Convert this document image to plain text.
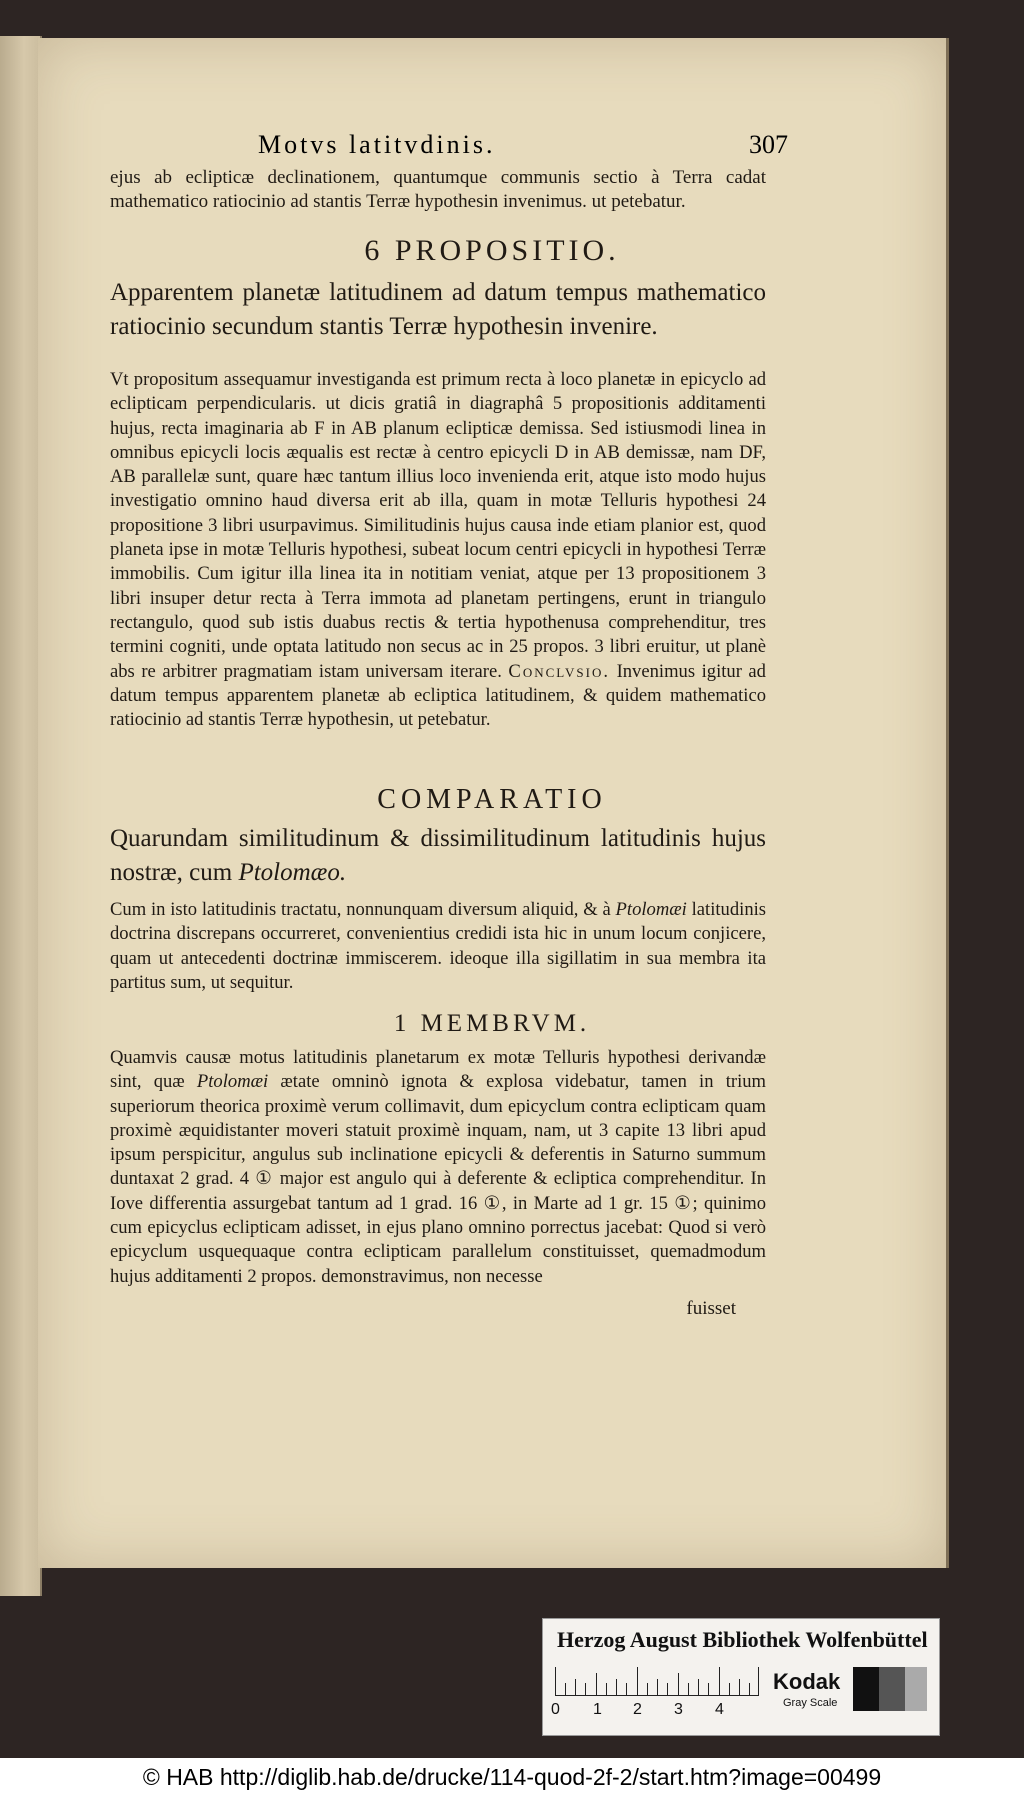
Motvs latitvdinis.	307
ejus ab eclipticæ declinationem, quantumque communis sectio à Terra cadat mathematico ratiocinio ad stantis Terræ hypothesin invenimus. ut petebatur.
6 PROPOSITIO.
Apparentem planetæ latitudinem ad datum tempus mathematico ratiocinio secundum stantis Terræ hypothesin invenire.
Vt propositum assequamur investiganda est primum recta à loco planetæ in epicyclo ad eclipticam perpendicularis. ut dicis gratiâ in diagraphâ 5 propositionis additamenti hujus, recta imaginaria ab F in AB planum eclipticæ demissa. Sed istiusmodi linea in omnibus epicycli locis æqualis est rectæ à centro epicycli D in AB demissæ, nam DF, AB parallelæ sunt, quare hæc tantum illius loco invenienda erit, atque isto modo hujus investigatio omnino haud diversa erit ab illa, quam in motæ Telluris hypothesi 24 propositione 3 libri usurpavimus. Similitudinis hujus causa inde etiam planior est, quod planeta ipse in motæ Telluris hypothesi, subeat locum centri epicycli in hypothesi Terræ immobilis. Cum igitur illa linea ita in notitiam veniat, atque per 13 propositionem 3 libri insuper detur recta à Terra immota ad planetam pertingens, erunt in triangulo rectangulo, quod sub istis duabus rectis & tertia hypothenusa comprehenditur, tres termini cogniti, unde optata latitudo non secus ac in 25 propos. 3 libri eruitur, ut planè abs re arbitrer pragmatiam istam universam iterare. Conclvsio. Invenimus igitur ad datum tempus apparentem planetæ ab ecliptica latitudinem, & quidem mathematico ratiocinio ad stantis Terræ hypothesin, ut petebatur.
COMPARATIO
Quarundam similitudinum & dissimilitudinum latitudinis hujus nostræ, cum Ptolomæo.
Cum in isto latitudinis tractatu, nonnunquam diversum aliquid, & à Ptolomæi latitudinis doctrina discrepans occurreret, convenientius credidi ista hic in unum locum conjicere, quam ut antecedenti doctrinæ immiscerem. ideoque illa sigillatim in sua membra ita partitus sum, ut sequitur.
1 MEMBRVM.
Quamvis causæ motus latitudinis planetarum ex motæ Telluris hypothesi derivandæ sint, quæ Ptolomæi ætate omninò ignota & explosa videbatur, tamen in trium superiorum theorica proximè verum collimavit, dum epicyclum contra eclipticam quam proximè æquidistanter moveri statuit proximè inquam, nam, ut 3 capite 13 libri apud ipsum perspicitur, angulus sub inclinatione epicycli & deferentis in Saturno summum duntaxat 2 grad. 4 ① major est angulo qui à deferente & ecliptica comprehenditur. In Iove differentia assurgebat tantum ad 1 grad. 16 ①, in Marte ad 1 gr. 15 ①; quinimo cum epicyclus eclipticam adisset, in ejus plano omnino porrectus jacebat: Quod si verò epicyclum usquequaque contra eclipticam parallelum constituisset, quemadmodum hujus additamenti 2 propos. demonstravimus, non necesse
fuisset
Herzog August Bibliothek Wolfenbüttel
0 1 2 3 4
Kodak
Gray Scale
© HAB http://diglib.hab.de/drucke/114-quod-2f-2/start.htm?image=00499
